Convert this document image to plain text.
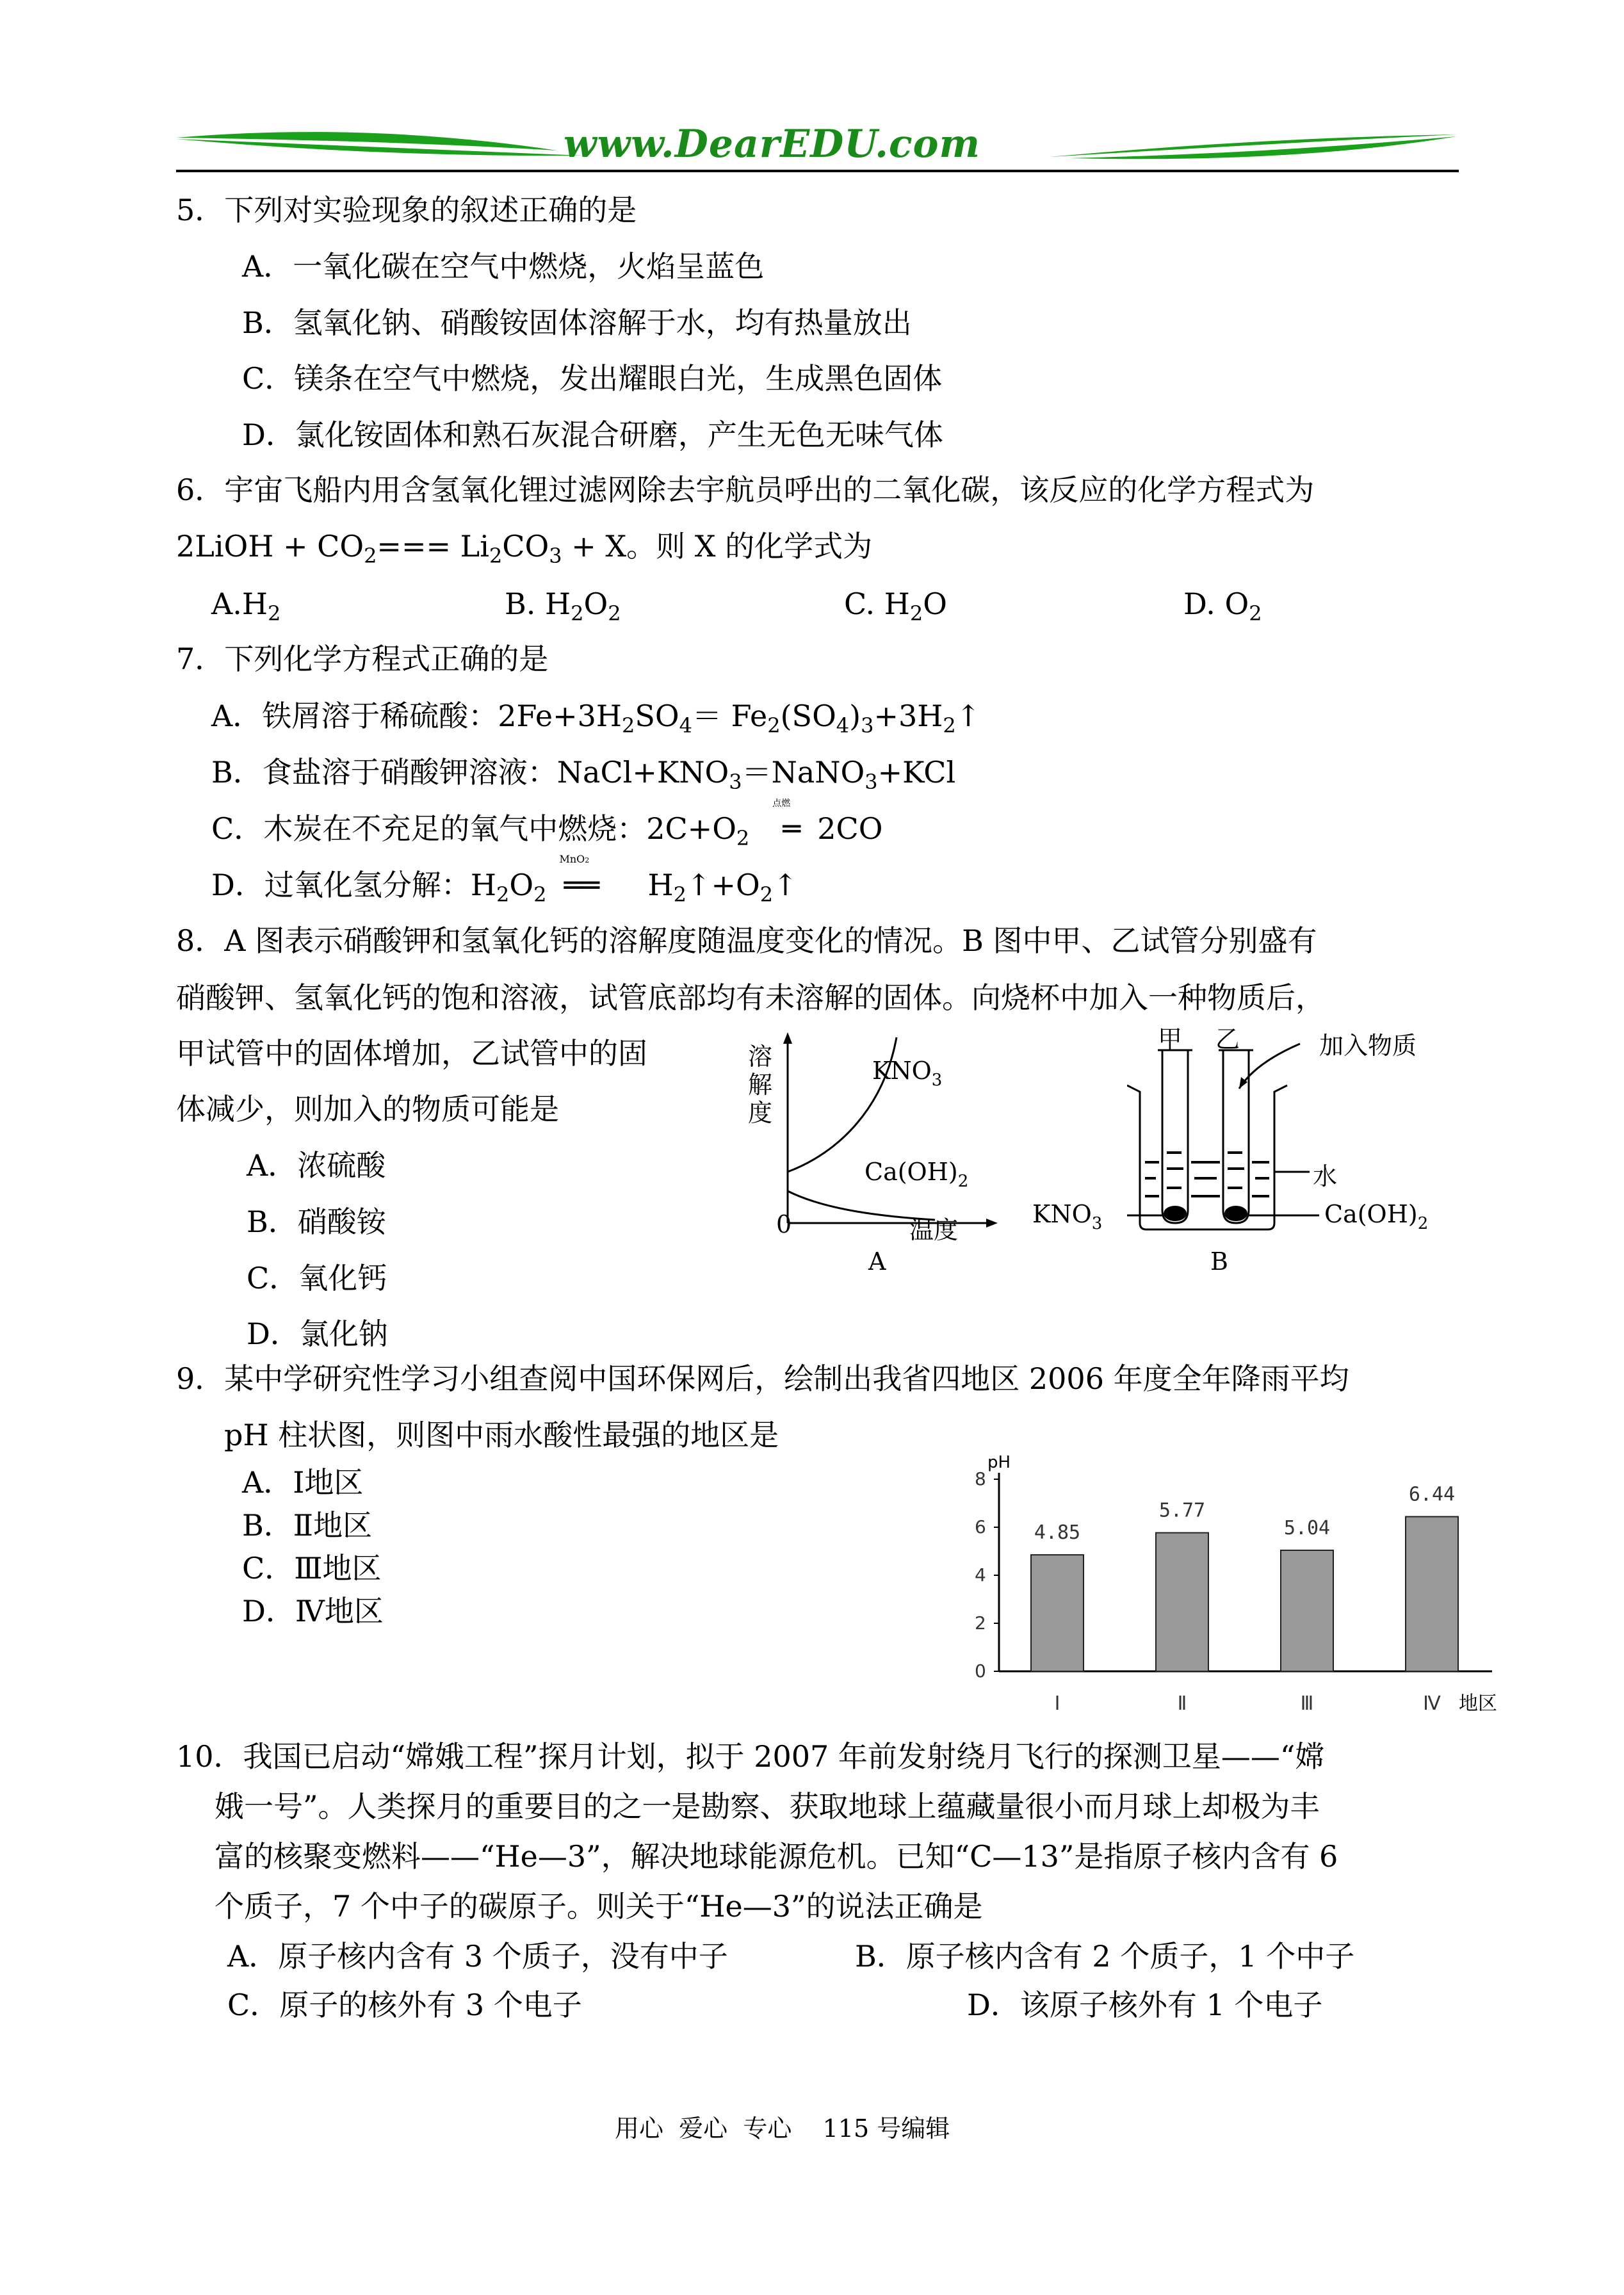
www.DearEDU.com
5．下列对实验现象的叙述正确的是
A．一氧化碳在空气中燃烧，火焰呈蓝色
B．氢氧化钠、硝酸铵固体溶解于水，均有热量放出
C．镁条在空气中燃烧，发出耀眼白光，生成黑色固体
D．氯化铵固体和熟石灰混合研磨，产生无色无味气体
6．宇宙飞船内用含氢氧化锂过滤网除去宇航员呼出的二氧化碳，该反应的化学方程式为
2LiOH + $CO_2=== Li_2CO_3 + X$。则 X 的化学式为
$A.H_2$	B. $H_2O_2$	C. $H_2O$	D. $O_2$
7．下列化学方程式正确的是
A．铁屑溶于稀硫酸：$2Fe+3H_2SO_4=$ $Fe_2(SO_4)_3+3H_2↑$
B．食盐溶于硝酸钾溶液：$NaCl+KNO_3=NaNO_3+KCl$
C．木炭在不充足的氧气中燃烧：$2C+O_2$
点燃
═ 2CO
D．过氧化氢分解：$H_2O_2$
MnO2
══ $H_2↑+O_2↑$
8．A 图表示硝酸钾和氢氧化钙的溶解度随温度变化的情况。B 图中甲、乙试管分别盛有
硝酸钾、氢氧化钙的饱和溶液，试管底部均有未溶解的固体。向烧杯中加入一种物质后，
甲试管中的固体增加，乙试管中的固
体减少，则加入的物质可能是
A．浓硫酸
B．硝酸铵
C．氧化钙
D．氯化钠
溶解度
$KNO_3$
$Ca(OH)_2$
0	温度
A
甲 乙	加入物质
水
$KNO_3$	$Ca(OH)_2$
B
9．某中学研究性学习小组查阅中国环保网后，绘制出我省四地区 2006 年度全年降雨平均
pH 柱状图，则图中雨水酸性最强的地区是
A．Ⅰ地区
B．Ⅱ地区
C．Ⅲ地区
D．Ⅳ地区
pH
0
2
4
6
8
4.85
Ⅰ
5.77
Ⅱ
5.04
Ⅲ
6.44
Ⅳ 地区
10．我国已启动“嫦娥工程”探月计划，拟于 2007 年前发射绕月飞行的探测卫星——“嫦
娥一号”。人类探月的重要目的之一是勘察、获取地球上蕴藏量很小而月球上却极为丰
富的核聚变燃料——“He—3”，解决地球能源危机。已知“C—13”是指原子核内含有 6
个质子，7 个中子的碳原子。则关于“He—3”的说法正确是
A．原子核内含有 3 个质子，没有中子	B．原子核内含有 2 个质子，1 个中子
C．原子的核外有 3 个电子	D．该原子核外有 1 个电子
用心  爱心  专心    115 号编辑
